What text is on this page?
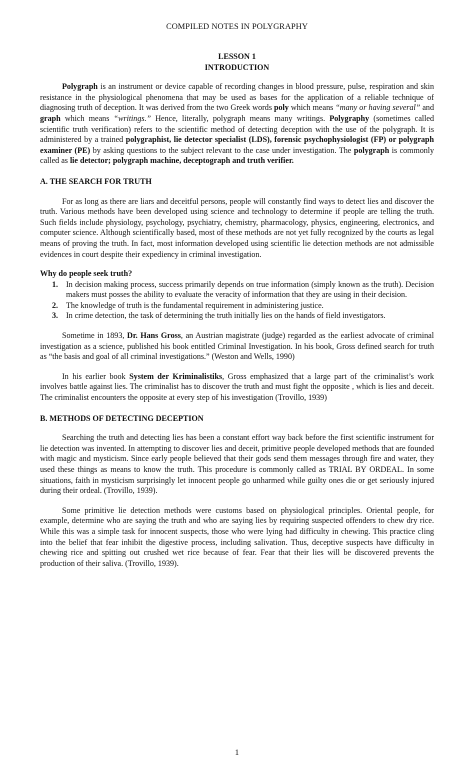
COMPILED NOTES IN POLYGRAPHY
LESSON 1
INTRODUCTION

Polygraph is an instrument or device capable of recording changes in blood pressure, pulse, respiration and skin resistance in the physiological phenomena that may be used as bases for the application of a reliable technique of diagnosing truth of deception. It was derived from the two Greek words poly which means “many or having several” and graph which means “writings.” Hence, literally, polygraph means many writings. Polygraphy (sometimes called scientific truth verification) refers to the scientific method of detecting deception with the use of the polygraph. It is administered by a trained polygraphist, lie detector specialist (LDS), forensic psychophysiologist (FP) or polygraph examiner (PE) by asking questions to the subject relevant to the case under investigation. The polygraph is commonly called as lie detector; polygraph machine, deceptograph and truth verifier.

A. THE SEARCH FOR TRUTH

For as long as there are liars and deceitful persons, people will constantly find ways to detect lies and discover the truth. Various methods have been developed using science and technology to determine if people are telling the truth. Such fields include physiology, psychology, psychiatry, chemistry, pharmacology, physics, engineering, electronics, and computer science. Although scientifically based, most of these methods are not yet fully recognized by the courts as legal means of proving the truth. In fact, most information developed using scientific lie detection methods are not admissible evidences in court despite their expediency in criminal investigation.

Why do people seek truth?
1. In decision making process, success primarily depends on true information (simply known as the truth). Decision makers must posses the ability to evaluate the veracity of information that they are using in their decision.
2. The knowledge of truth is the fundamental requirement in administering justice.
3. In crime detection, the task of determining the truth initially lies on the hands of field investigators.

Sometime in 1893, Dr. Hans Gross, an Austrian magistrate (judge) regarded as the earliest advocate of criminal investigation as a science, published his book entitled Criminal Investigation. In his book, Gross defined search for truth as “the basis and goal of all criminal investigations.” (Weston and Wells, 1990)

In his earlier book System der Kriminalistiks, Gross emphasized that a large part of the criminalist’s work involves battle against lies. The criminalist has to discover the truth and must fight the opposite , which is lies and deceit. The criminalist encounters the opposite at every step of his investigation (Trovillo, 1939)

B. METHODS OF DETECTING DECEPTION

Searching the truth and detecting lies has been a constant effort way back before the first scientific instrument for lie detection was invented. In attempting to discover lies and deceit, primitive people developed methods that are founded with magic and mysticism. Since early people believed that their gods send them messages through fire and water, they used these things as means to know the truth. This procedure is commonly called as TRIAL BY ORDEAL. In some situations, faith in mysticism surprisingly let innocent people go unharmed while guilty ones die or get seriously injured during their ordeal. (Trovillo, 1939).

Some primitive lie detection methods were customs based on physiological principles. Oriental people, for example, determine who are saying the truth and who are saying lies by requiring suspected offenders to chew dry rice. While this was a simple task for innocent suspects, those who were lying had difficulty in chewing. This practice cling into the belief that fear inhibit the digestive process, including salivation. Thus, deceptive suspects have difficulty in chewing rice and spitting out crushed wet rice because of fear. Fear that their lies will be discovered prevents the production of their saliva. (Trovillo, 1939).

1
